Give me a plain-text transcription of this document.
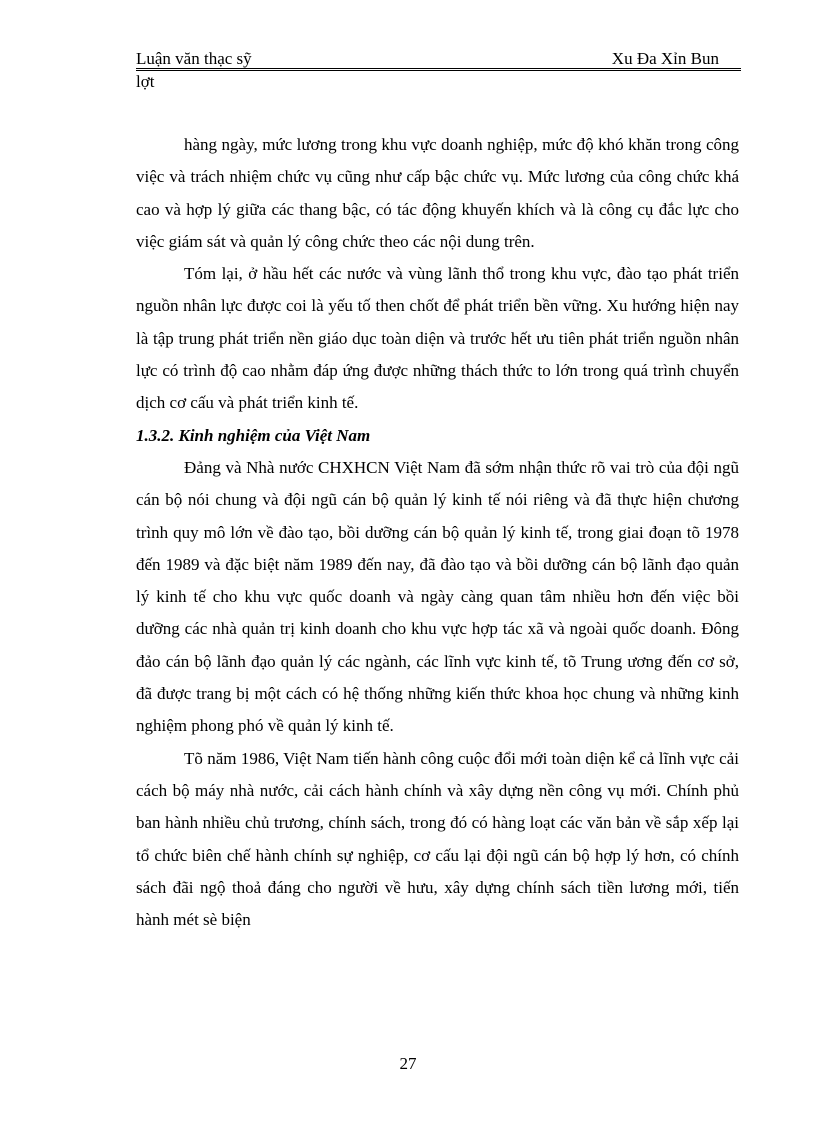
Luận văn thạc sỹ	Xu Đa Xỉn Bun
lợt

hàng ngày, mức lương trong khu vực doanh nghiệp, mức độ khó khăn trong công việc và trách nhiệm chức vụ cũng như cấp bậc chức vụ. Mức lương của công chức khá cao và hợp lý giữa các thang bậc, có tác động khuyến khích và là công cụ đắc lực cho việc giám sát và quản lý công chức theo các nội dung trên.

Tóm lại, ở hầu hết các nước và vùng lãnh thổ trong khu vực, đào tạo phát triển nguồn nhân lực được coi là yếu tố then chốt để phát triển bền vững. Xu hướng hiện nay là tập trung phát triển nền giáo dục toàn diện và trước hết ưu tiên phát triển nguồn nhân lực có trình độ cao nhằm đáp ứng được những thách thức to lớn trong quá trình chuyển dịch cơ cấu và phát triển kinh tế.

1.3.2. Kinh nghiệm của Việt Nam

Đảng và Nhà nước CHXHCN Việt Nam đã sớm nhận thức rõ vai trò của đội ngũ cán bộ nói chung và đội ngũ cán bộ quản lý kinh tế nói riêng và đã thực hiện chương trình quy mô lớn về đào tạo, bồi dưỡng cán bộ quản lý kinh tế, trong giai đoạn tõ 1978 đến 1989 và đặc biệt năm 1989 đến nay, đã đào tạo và bồi dưỡng cán bộ lãnh đạo quản lý kinh tế cho khu vực quốc doanh và ngày càng quan tâm nhiều hơn đến việc bồi dưỡng các nhà quản trị kinh doanh cho khu vực hợp tác xã và ngoài quốc doanh. Đông đảo cán bộ lãnh đạo quản lý các ngành, các lĩnh vực kinh tế, tõ Trung ương đến cơ sở, đã được trang bị một cách có hệ thống những kiến thức khoa học chung và những kinh nghiệm phong phó về quản lý kinh tế.

Tõ năm 1986, Việt Nam tiến hành công cuộc đổi mới toàn diện kể cả lĩnh vực cải cách bộ máy nhà nước, cải cách hành chính và xây dựng nền công vụ mới. Chính phủ ban hành nhiều chủ trương, chính sách, trong đó có hàng loạt các văn bản về sắp xếp lại tổ chức biên chế hành chính sự nghiệp, cơ cấu lại đội ngũ cán bộ hợp lý hơn, có chính sách đãi ngộ thoả đáng cho người về hưu, xây dựng chính sách tiền lương mới, tiến hành mét sè biện

27
